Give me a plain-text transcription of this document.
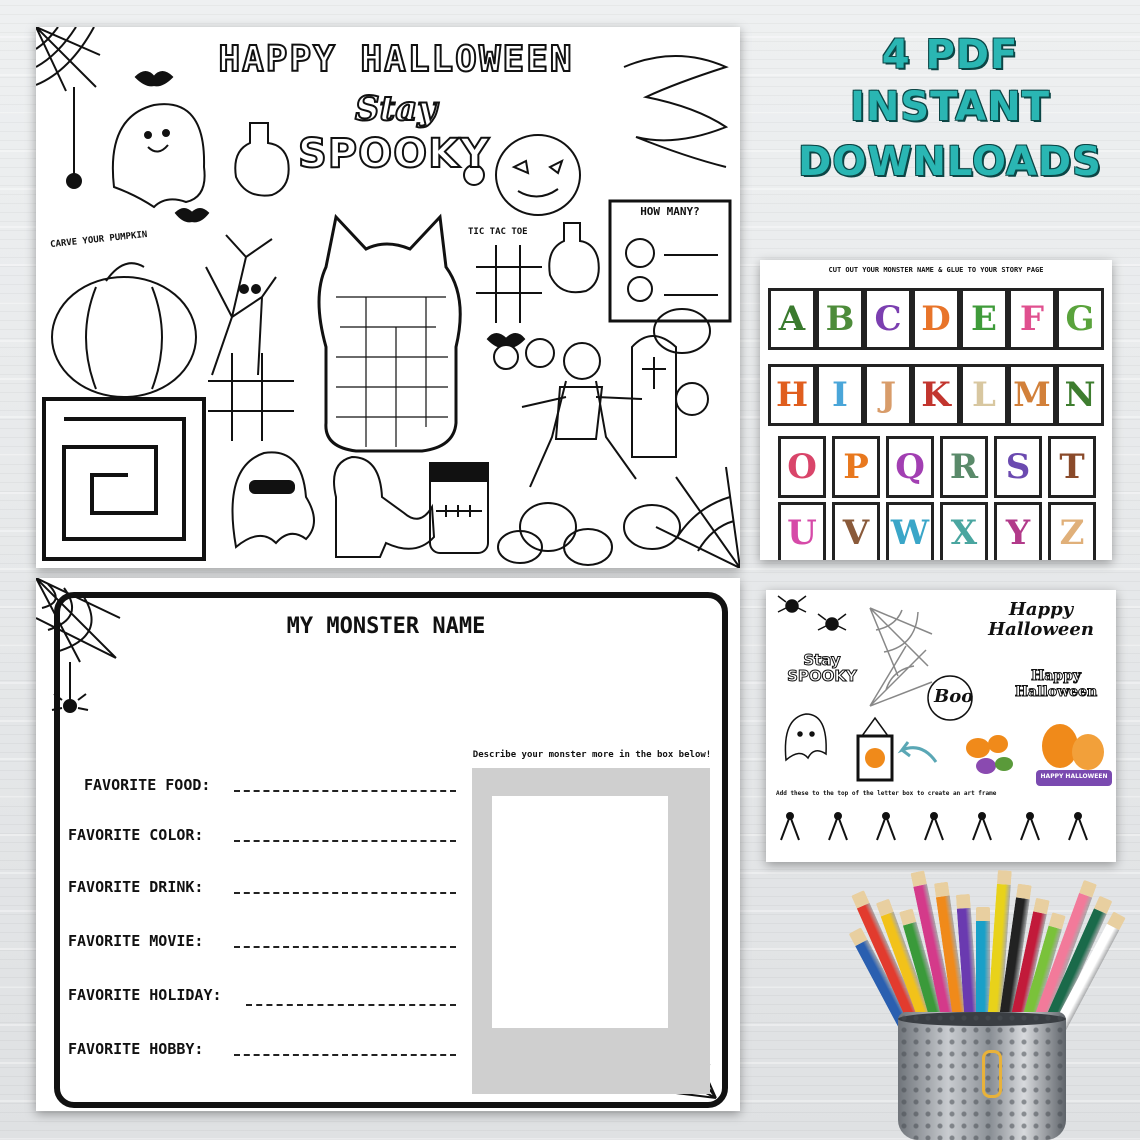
4 PDF
INSTANT
DOWNLOADS
HAPPY HALLOWEEN
Stay
SPOOKY
CARVE YOUR PUMPKIN	TIC TAC TOE
HOW MANY?
CUT OUT YOUR MONSTER NAME & GLUE TO YOUR STORY PAGE
A B C D E F G
H I J K L M N
O P Q R S T
U V W X Y Z
MY MONSTER NAME
Describe your monster more in the box below!
FAVORITE FOOD:
FAVORITE COLOR:
FAVORITE DRINK:
FAVORITE MOVIE:
FAVORITE HOLIDAY:
FAVORITE HOBBY:
Happy Halloween
Stay SPOOKY
Boo
Happy Halloween
HAPPY HALLOWEEN
Add these to the top of the letter box to create an art frame
